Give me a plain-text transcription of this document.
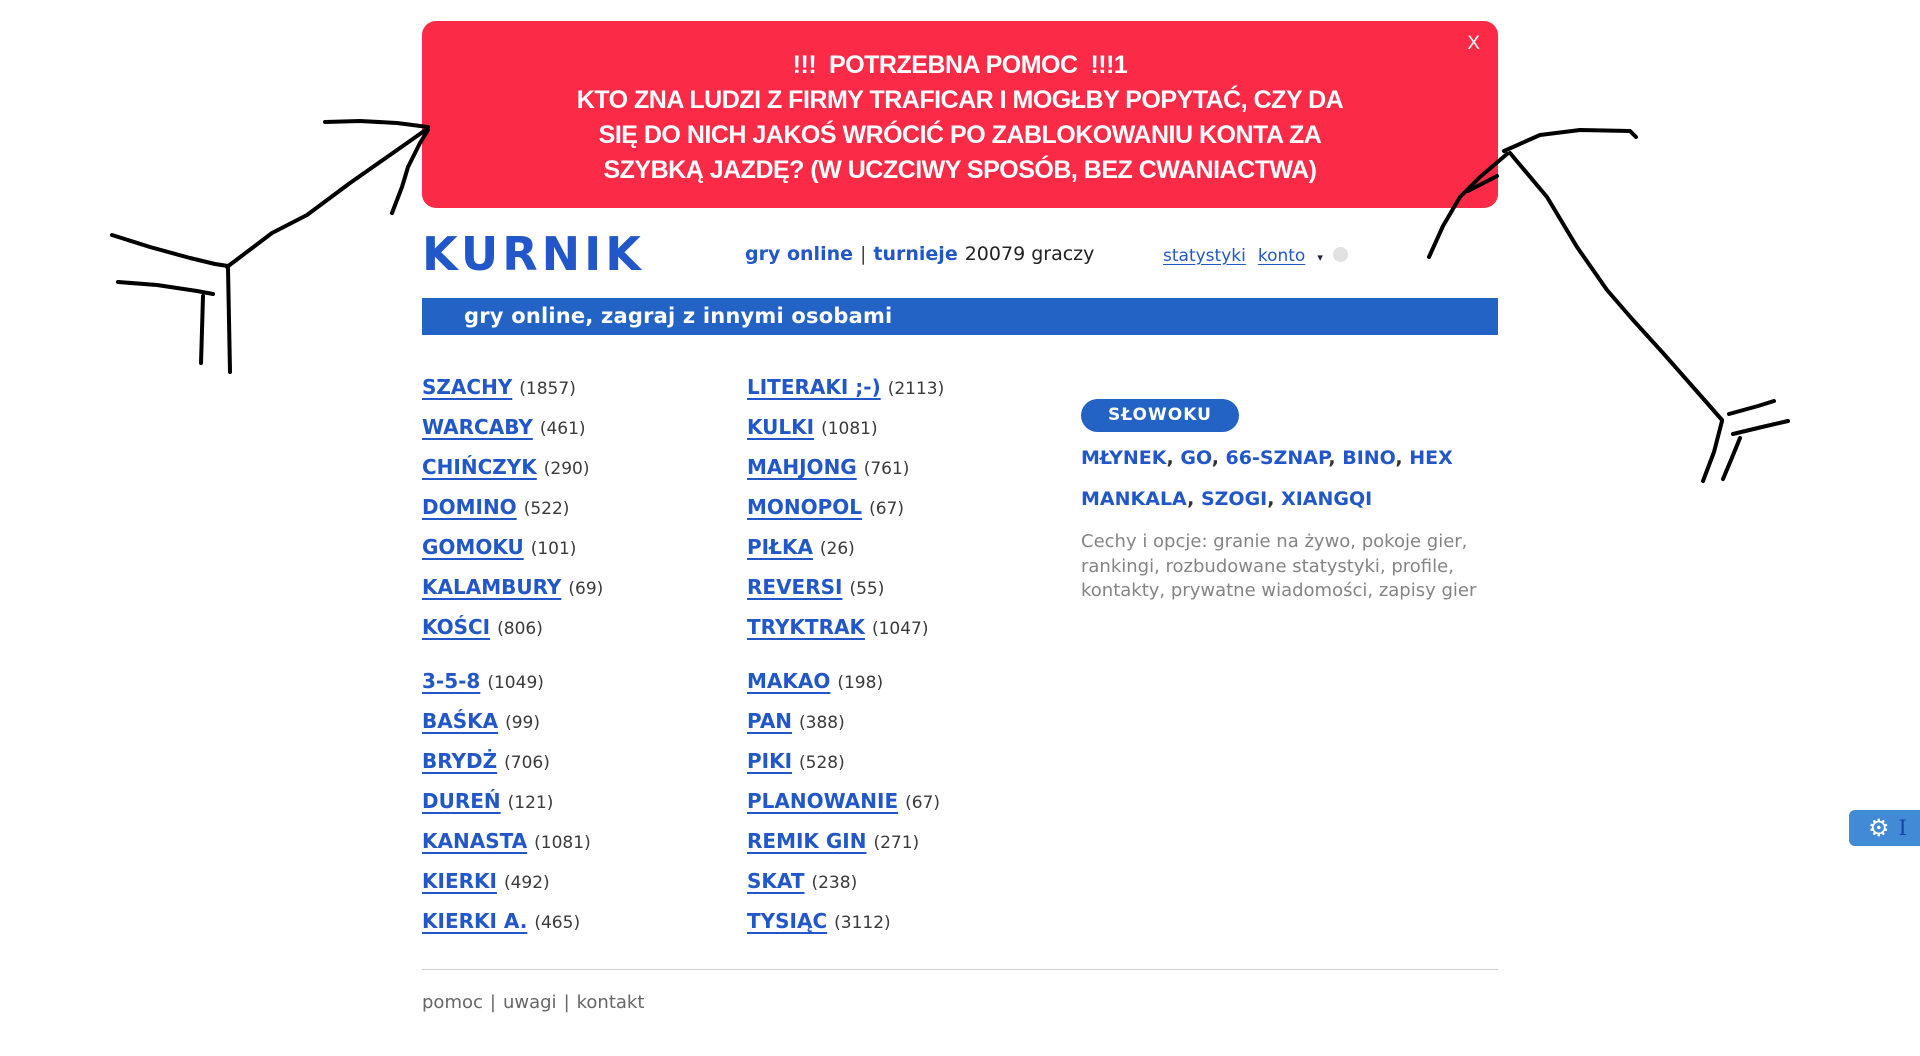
X
!!!  POTRZEBNA POMOC  !!!1
KTO ZNA LUDZI Z FIRMY TRAFICAR I MOGŁBY POPYTAĆ, CZY DA
SIĘ DO NICH JAKOŚ WRÓCIĆ PO ZABLOKOWANIU KONTA ZA
SZYBKĄ JAZDĘ? (W UCZCIWY SPOSÓB, BEZ CWANIACTWA)
KURNIK	gry online | turnieje 20079 graczy	statystyki konto ▾
gry online, zagraj z innymi osobami
SZACHY (1857)
WARCABY (461)
CHIŃCZYK (290)
DOMINO (522)
GOMOKU (101)
KALAMBURY (69)
KOŚCI (806)
3-5-8 (1049)
BAŚKA (99)
BRYDŻ (706)
DUREŃ (121)
KANASTA (1081)
KIERKI (492)
KIERKI A. (465)
LITERAKI ;-) (2113)
KULKI (1081)
MAHJONG (761)
MONOPOL (67)
PIŁKA (26)
REVERSI (55)
TRYKTRAK (1047)
MAKAO (198)
PAN (388)
PIKI (528)
PLANOWANIE (67)
REMIK GIN (271)
SKAT (238)
TYSIĄC (3112)
SŁOWOKU
MŁYNEK, GO, 66-SZNAP, BINO, HEX
MANKALA, SZOGI, XIANGQI
Cechy i opcje: granie na żywo, pokoje gier,
rankingi, rozbudowane statystyki, profile,
kontakty, prywatne wiadomości, zapisy gier
pomoc | uwagi | kontakt
⚙ I
